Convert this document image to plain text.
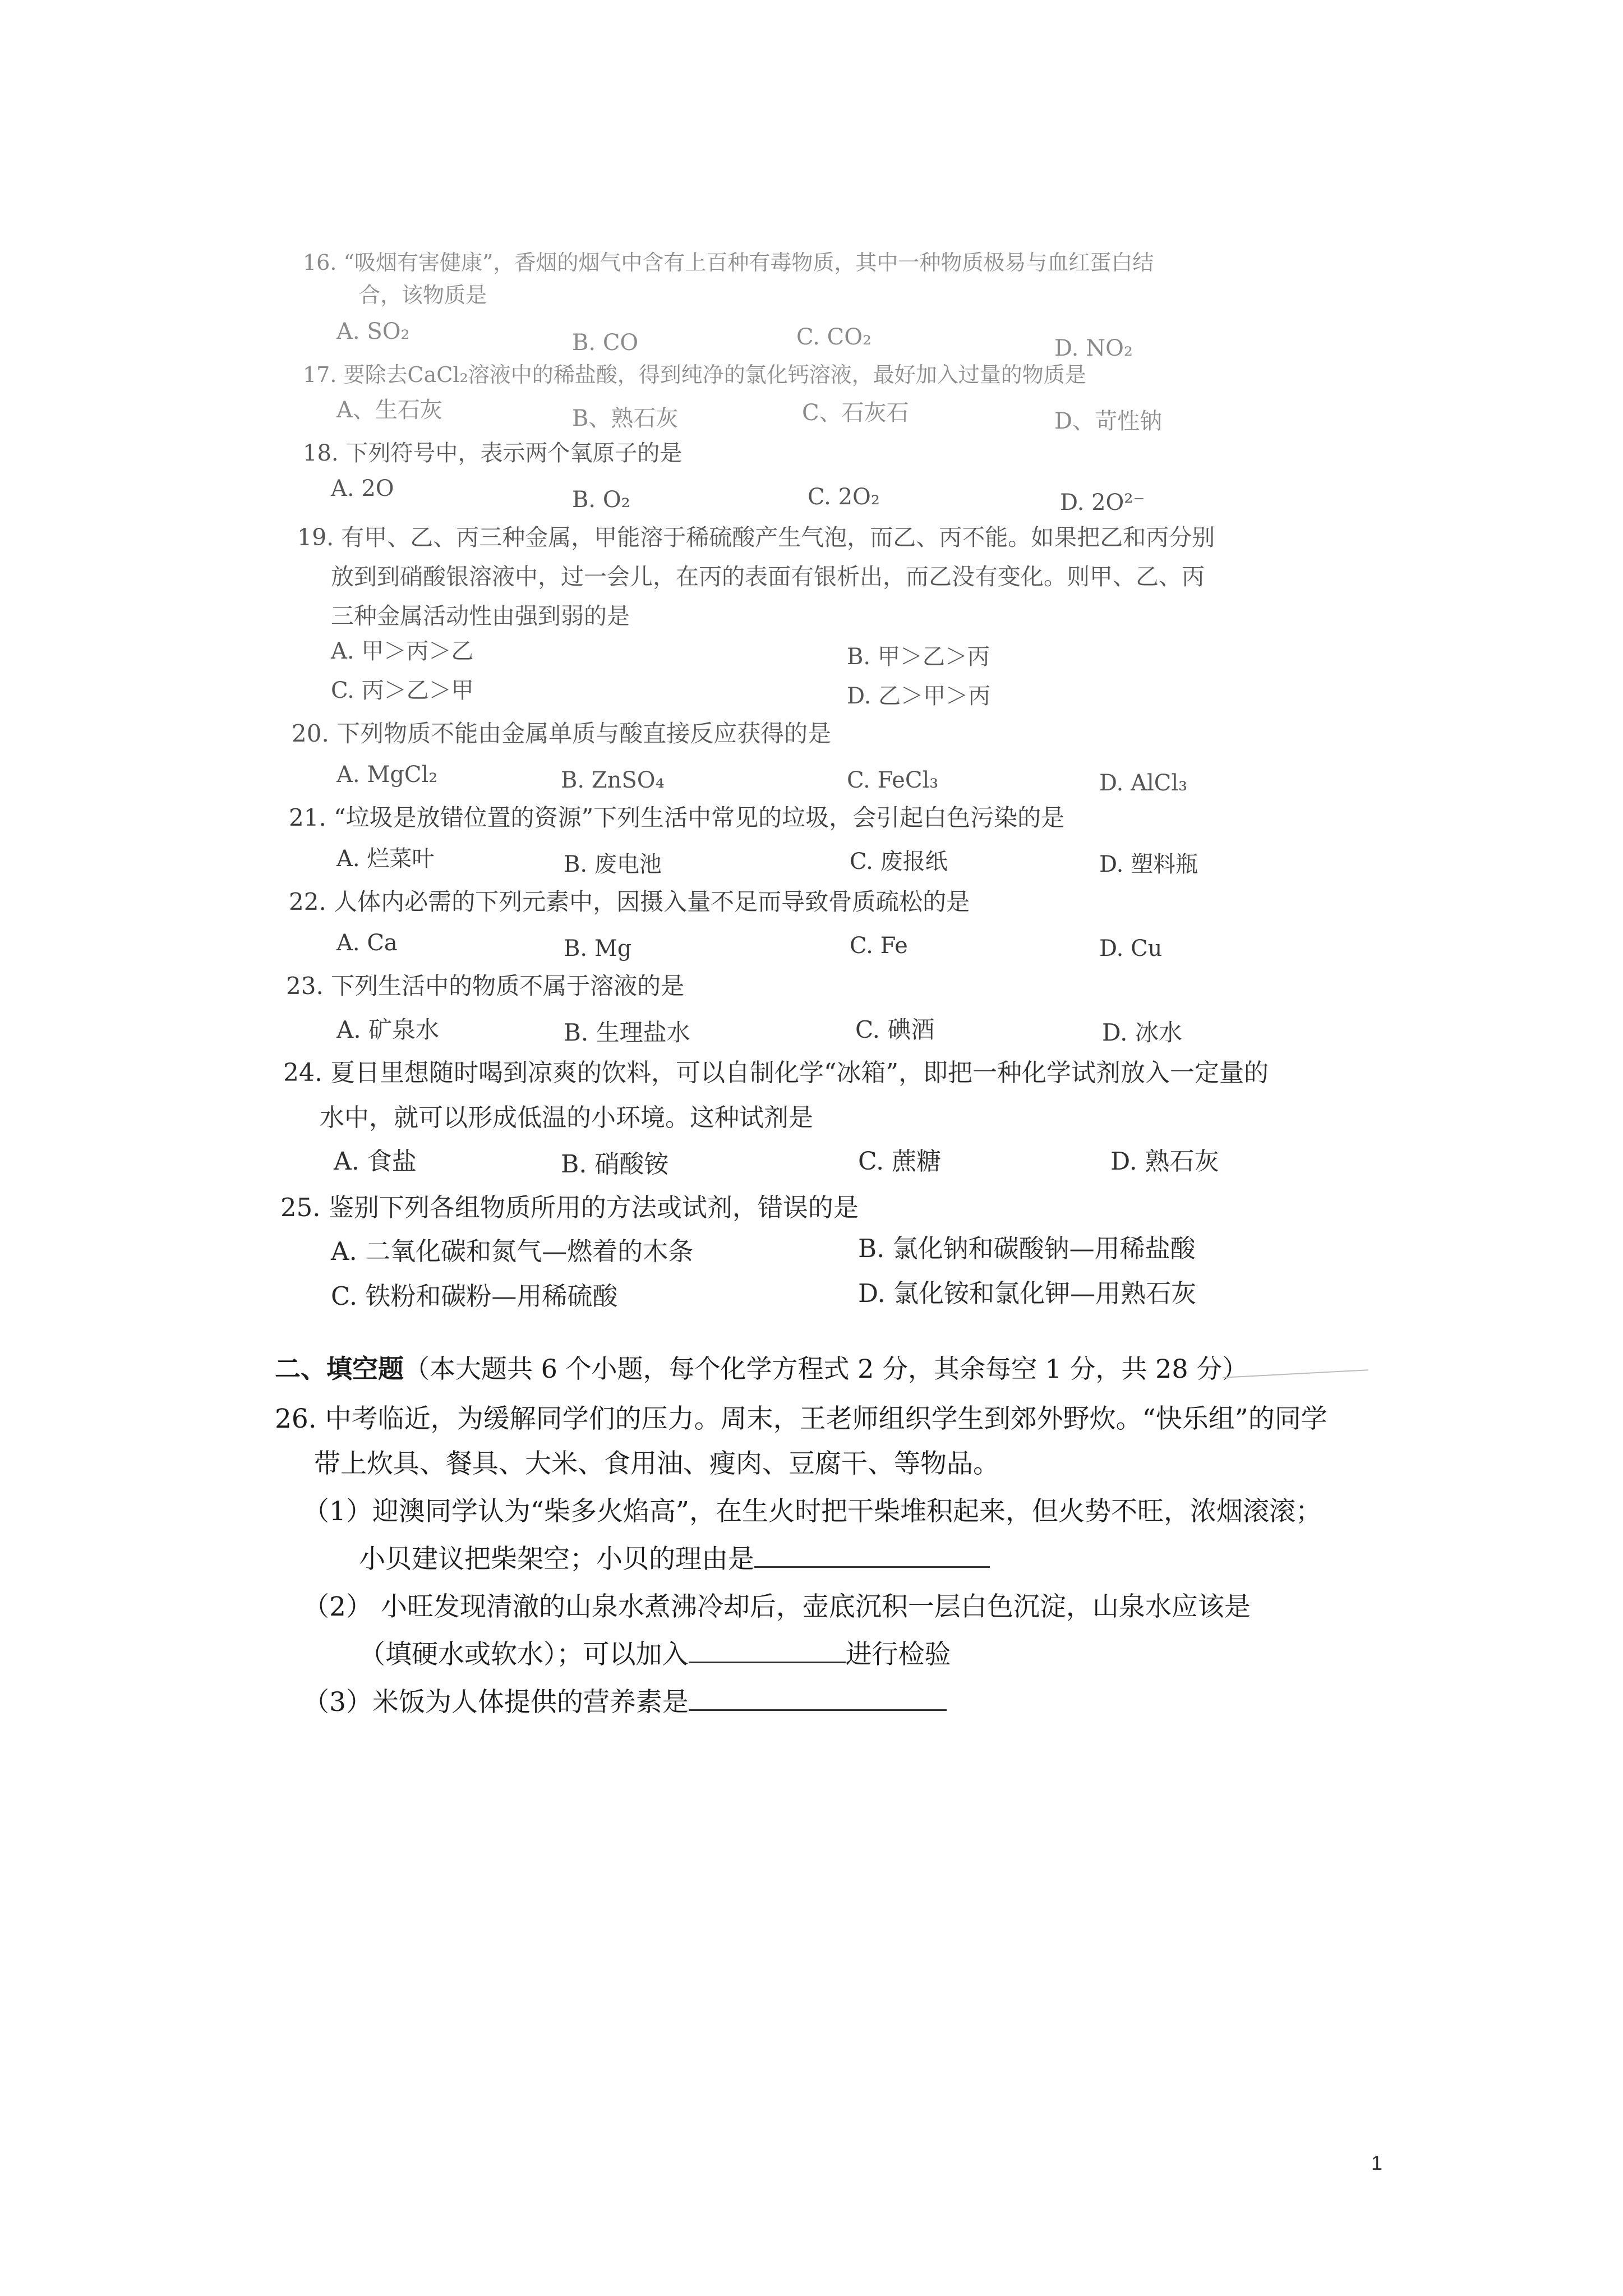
16. “吸烟有害健康”，香烟的烟气中含有上百种有毒物质，其中一种物质极易与血红蛋白结
合，该物质是
A. SO₂	B. CO	C. CO₂	D. NO₂
17. 要除去CaCl₂溶液中的稀盐酸，得到纯净的氯化钙溶液，最好加入过量的物质是
A、生石灰	B、熟石灰	C、石灰石	D、苛性钠
18. 下列符号中，表示两个氧原子的是
A. 2O	B. O₂	C. 2O₂	D. 2O²⁻
19. 有甲、乙、丙三种金属，甲能溶于稀硫酸产生气泡，而乙、丙不能。如果把乙和丙分别
放到到硝酸银溶液中，过一会儿，在丙的表面有银析出，而乙没有变化。则甲、乙、丙
三种金属活动性由强到弱的是
A. 甲＞丙＞乙	B. 甲＞乙＞丙
C. 丙＞乙＞甲	D. 乙＞甲＞丙
20. 下列物质不能由金属单质与酸直接反应获得的是
A. MgCl₂	B. ZnSO₄	C. FeCl₃	D. AlCl₃
21. “垃圾是放错位置的资源”下列生活中常见的垃圾，会引起白色污染的是
A. 烂菜叶	B. 废电池	C. 废报纸	D. 塑料瓶
22. 人体内必需的下列元素中，因摄入量不足而导致骨质疏松的是
A. Ca	B. Mg	C. Fe	D. Cu
23. 下列生活中的物质不属于溶液的是
A. 矿泉水	B. 生理盐水	C. 碘酒	D. 冰水
24. 夏日里想随时喝到凉爽的饮料，可以自制化学“冰箱”，即把一种化学试剂放入一定量的
水中，就可以形成低温的小环境。这种试剂是
A. 食盐	B. 硝酸铵	C. 蔗糖	D. 熟石灰
25. 鉴别下列各组物质所用的方法或试剂，错误的是
A. 二氧化碳和氮气—燃着的木条	B. 氯化钠和碳酸钠—用稀盐酸
C. 铁粉和碳粉—用稀硫酸	D. 氯化铵和氯化钾—用熟石灰
二、填空题（本大题共 6 个小题，每个化学方程式 2 分，其余每空 1 分，共 28 分）
26. 中考临近，为缓解同学们的压力。周末，王老师组织学生到郊外野炊。“快乐组”的同学
带上炊具、餐具、大米、食用油、瘦肉、豆腐干、等物品。
（1）迎澳同学认为“柴多火焰高”，在生火时把干柴堆积起来，但火势不旺，浓烟滚滚；
小贝建议把柴架空；小贝的理由是
（2） 小旺发现清澈的山泉水煮沸冷却后，壶底沉积一层白色沉淀，山泉水应该是
（填硬水或软水）；可以加入	进行检验
（3）米饭为人体提供的营养素是
1
